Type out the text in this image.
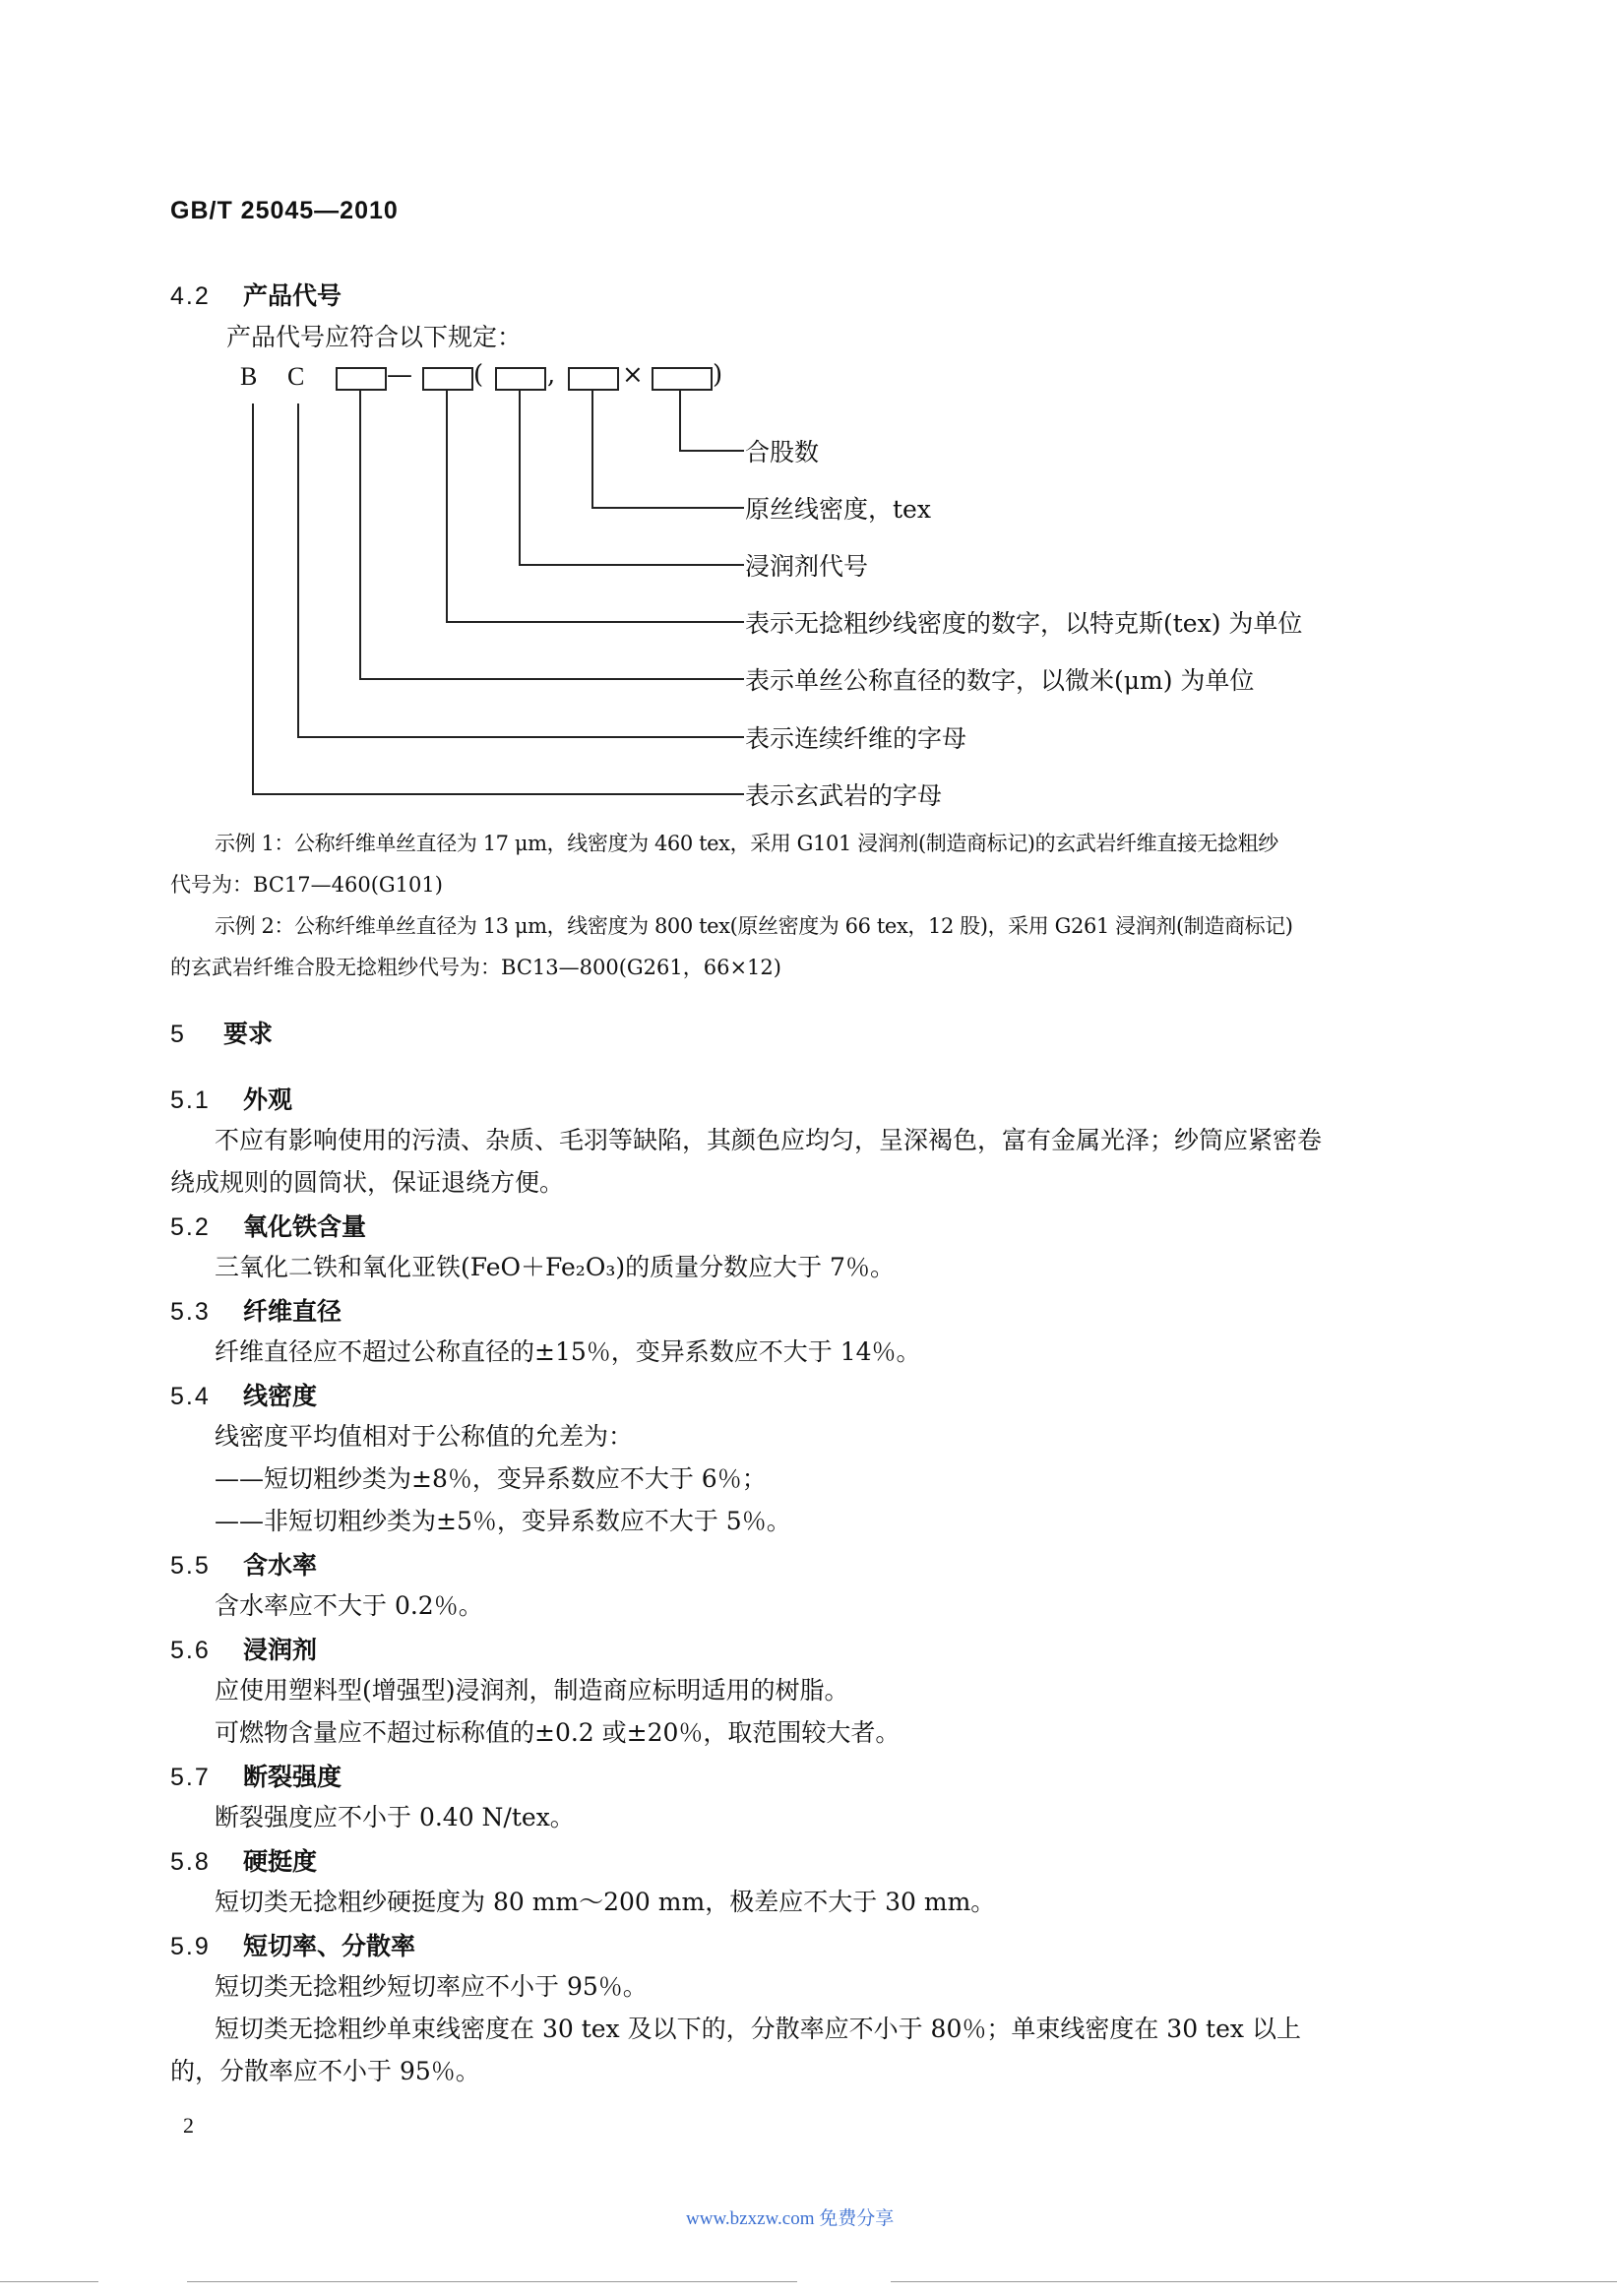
GB/T 25045—2010
4.2 产品代号
产品代号应符合以下规定：
B C	— ( ,	×	)
合股数
原丝线密度，tex
浸润剂代号
表示无捻粗纱线密度的数字，以特克斯(tex) 为单位
表示单丝公称直径的数字，以微米(μm) 为单位
表示连续纤维的字母
表示玄武岩的字母
示例 1：公称纤维单丝直径为 17 μm，线密度为 460 tex，采用 G101 浸润剂(制造商标记)的玄武岩纤维直接无捻粗纱
代号为：BC17—460(G101)
示例 2：公称纤维单丝直径为 13 μm，线密度为 800 tex(原丝密度为 66 tex，12 股)，采用 G261 浸润剂(制造商标记)
的玄武岩纤维合股无捻粗纱代号为：BC13—800(G261，66×12)
5 要求
5.1 外观
不应有影响使用的污渍、杂质、毛羽等缺陷，其颜色应均匀，呈深褐色，富有金属光泽；纱筒应紧密卷
绕成规则的圆筒状，保证退绕方便。
5.2 氧化铁含量
三氧化二铁和氧化亚铁(FeO＋Fe₂O₃)的质量分数应大于 7％。
5.3 纤维直径
纤维直径应不超过公称直径的±15％，变异系数应不大于 14％。
5.4 线密度
线密度平均值相对于公称值的允差为：
——短切粗纱类为±8％，变异系数应不大于 6％；
——非短切粗纱类为±5％，变异系数应不大于 5％。
5.5 含水率
含水率应不大于 0.2％。
5.6 浸润剂
应使用塑料型(增强型)浸润剂，制造商应标明适用的树脂。
可燃物含量应不超过标称值的±0.2 或±20％，取范围较大者。
5.7 断裂强度
断裂强度应不小于 0.40 N/tex。
5.8 硬挺度
短切类无捻粗纱硬挺度为 80 mm～200 mm，极差应不大于 30 mm。
5.9 短切率、分散率
短切类无捻粗纱短切率应不小于 95％。
短切类无捻粗纱单束线密度在 30 tex 及以下的，分散率应不小于 80％；单束线密度在 30 tex 以上
的，分散率应不小于 95％。
2
www.bzxzw.com 免费分享
